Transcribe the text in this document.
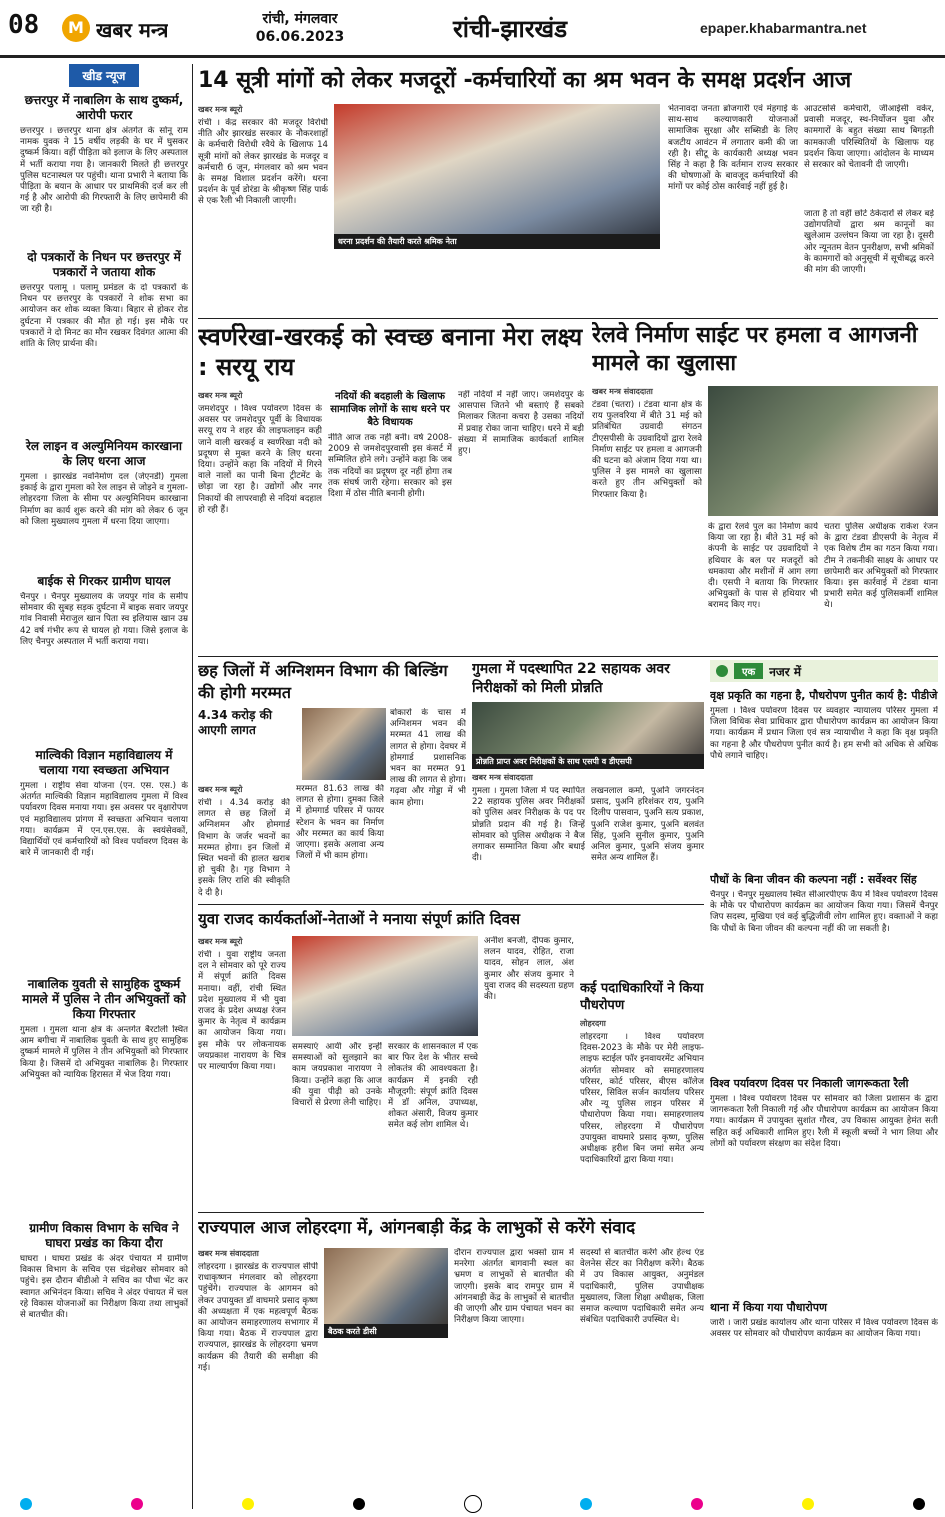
08	M खबर मन्त्र	रांची, मंगलवार
06.06.2023	रांची-झारखंड	epaper.khabarmantra.net
खीड न्यूज
छत्तरपुर में नाबालिग के साथ दुष्कर्म, आरोपी फरार
छत्तरपुर । छत्तरपुर थाना क्षेत्र अंतर्गत के सोनू राम नामक युवक ने 15 वर्षीय लड़की के घर में घुसकर दुष्कर्म किया। वहीं पीड़िता को इलाज के लिए अस्पताल में भर्ती कराया गया है। जानकारी मिलते ही छत्तरपुर पुलिस घटनास्थल पर पहुंची। थाना प्रभारी ने बताया कि पीड़िता के बयान के आधार पर प्राथमिकी दर्ज कर ली गई है और आरोपी की गिरफ्तारी के लिए छापेमारी की जा रही है।
दो पत्रकारों के निधन पर छत्तरपुर में पत्रकारों ने जताया शोक
छत्तरपुर पलामू । पलामू प्रमंडल के दो पत्रकारों के निधन पर छत्तरपुर के पत्रकारों ने शोक सभा का आयोजन कर शोक व्यक्त किया। बिहार से होकर रोड दुर्घटना में पत्रकार की मौत हो गई। इस मौके पर पत्रकारों ने दो मिनट का मौन रखकर दिवंगत आत्मा की शांति के लिए प्रार्थना की।
रेल लाइन व अल्युमिनियम कारखाना के लिए धरना आज
गुमला । झारखंड नवनिर्माण दल (जेएनडी) गुमला इकाई के द्वारा गुमला को रेल लाइन से जोड़ने व गुमला-लोहरदगा जिला के सीमा पर अल्युमिनियम कारखाना निर्माण का कार्य शुरू करने की मांग को लेकर 6 जून को जिला मुख्यालय गुमला में धरना दिया जाएगा।
बाईक से गिरकर ग्रामीण घायल
चैनपुर । चैनपुर मुख्यालय के जयपुर गांव के समीप सोमवार की सुबह सड़क दुर्घटना में बाइक सवार जयपुर गांव निवासी मेराजुल खान पिता स्व इलियास खान उम्र 42 वर्ष गंभीर रूप से घायल हो गया। जिसे इलाज के लिए चैनपुर अस्पताल में भर्ती कराया गया।
माल्विकी विज्ञान महाविद्यालय में चलाया गया स्वच्छता अभियान
गुमला । राष्ट्रीय सेवा योजना (एन. एस. एस.) के अंतर्गत माल्विकी विज्ञान महाविद्यालय गुमला में विश्व पर्यावरण दिवस मनाया गया। इस अवसर पर वृक्षारोपण एवं महाविद्यालय प्रांगण में स्वच्छता अभियान चलाया गया। कार्यक्रम में एन.एस.एस. के स्वयंसेवकों, विद्यार्थियों एवं कर्मचारियों को विश्व पर्यावरण दिवस के बारे में जानकारी दी गई।
नाबालिक युवती से सामुहिक दुष्कर्म मामले में पुलिस ने तीन अभियुक्तों को किया गिरफ्तार
गुमला । गुमला थाना क्षेत्र के अन्तर्गत बैरटोली स्थित आम बगीचा में नाबालिक युवती के साथ हुए सामुहिक दुष्कर्म मामले में पुलिस ने तीन अभियुक्तों को गिरफ्तार किया है। जिसमें दो अभियुक्त नाबालिक है। गिरफ्तार अभियुक्त को न्यायिक हिरासत में भेज दिया गया।
ग्रामीण विकास विभाग के सचिव ने घाघरा प्रखंड का किया दौरा
घाघरा । घाघरा प्रखंड के अंदर पंचायत में ग्रामीण विकास विभाग के सचिव एस चंद्रशेखर सोमवार को पहुंचे। इस दौरान बीडीओ ने सचिव का पौधा भेंट कर स्वागत अभिनंदन किया। सचिव ने अंदर पंचायत में चल रहे विकास योजनाओं का निरीक्षण किया तथा लाभुकों से बातचीत की।
14 सूत्री मांगों को लेकर मजदूरों -कर्मचारियों का श्रम भवन के समक्ष प्रदर्शन आज
खबर मन्त्र ब्यूरो
रांची । केंद्र सरकार की मजदूर विरोधी नीति और झारखंड सरकार के नौकरशाहों के कर्मचारी विरोधी रवैये के खिलाफ 14 सूत्री मांगों को लेकर झारखंड के मजदूर व कर्मचारी 6 जून, मंगलवार को श्रम भवन के समक्ष विशाल प्रदर्शन करेंगे। धरना प्रदर्शन के पूर्व डोरंडा के श्रीकृष्ण सिंह पार्क से एक रैली भी निकाली जाएगी।
धरना प्रदर्शन की तैयारी करते श्रमिक नेता
भेतनावदा जनता ब्रोजगारी एवं मंहगाई के साथ-साथ कल्याणकारी योजनाओं सामाजिक सुरक्षा और सब्सिडी के लिए बजटीय आवंटन में लगातार कमी की जा रही है। सीटू के कार्यकारी अध्यक्ष भवन सिंह ने कहा है कि वर्तमान राज्य सरकार की घोषणाओं के बावजूद कर्मचारियों की मांगों पर कोई ठोस कार्रवाई नहीं हुई है।
आउटसोर्स कर्मचारी, जीआईसी वर्कर, प्रवासी मजदूर, स्थ-निर्योजन युवा और कामगारों के बहुत संख्या साथ बिगड़ती कामकाजी परिस्थितियों के खिलाफ यह प्रदर्शन किया जाएगा। आंदोलन के माध्यम से सरकार को चेतावनी दी जाएगी।
जाता है तो वहीं छोटे ठेकेदारों से लेकर बड़े उद्योगपतियों द्वारा श्रम कानूनों का खुलेआम उल्लंघन किया जा रहा है। दूसरी ओर न्यूनतम वेतन पुनरीक्षण, सभी श्रमिकों के कामगारों को अनुसूची में सूचीबद्ध करने की मांग की जाएगी।
स्वर्णरेखा-खरकई को स्वच्छ बनाना मेरा लक्ष्य : सरयू राय
खबर मन्त्र ब्यूरो
जमशेदपुर । विश्व पर्यावरण दिवस के अवसर पर जमशेदपुर पूर्वी के विधायक सरयू राय ने शहर की लाइफलाइन कही जाने वाली खरकई व स्वर्णरेखा नदी को प्रदूषण से मुक्त करने के लिए धरना दिया। उन्होंने कहा कि नदियों में गिरने वाले नालों का पानी बिना ट्रीटमेंट के छोड़ा जा रहा है। उद्योगों और नगर निकायों की लापरवाही से नदियां बदहाल हो रही हैं।
नदियों की बदहाली के खिलाफ सामाजिक लोगों के साथ धरने पर बैठे विधायक
नीति आज तक नहीं बनी। वर्ष 2008-2009 से जमशेदपुरवासी इस कंसर्ट में सम्मिलित होने लगे। उन्होंने कहा कि जब तक नदियों का प्रदूषण दूर नहीं होगा तब तक संघर्ष जारी रहेगा। सरकार को इस दिशा में ठोस नीति बनानी होगी।
नहीं नदियों में नहीं जाए। जमशेदपुर के आसपास जितने भी बस्ताएं हैं सबको मिलाकर जितना कचरा है उसका नदियों में प्रवाह रोका जाना चाहिए। धरने में बड़ी संख्या में सामाजिक कार्यकर्ता शामिल हुए।
रेलवे निर्माण साईट पर हमला व आगजनी मामले का खुलासा
खबर मन्त्र संवाददाता
टंडवा (चतरा) । टंडवा थाना क्षेत्र के राय फुलवरिया में बीते 31 मई को प्रतिबंधित उग्रवादी संगठन टीएसपीसी के उग्रवादियों द्वारा रेलवे निर्माण साईट पर हमला व आगजनी की घटना को अंजाम दिया गया था। पुलिस ने इस मामले का खुलासा करते हुए तीन अभियुक्तों को गिरफ्तार किया है।
के द्वारा रेलवे पुल का निर्माण कार्य किया जा रहा है। बीते 31 मई को कंपनी के साईट पर उग्रवादियों ने हथियार के बल पर मजदूरों को धमकाया और मशीनों में आग लगा दी। एसपी ने बताया कि गिरफ्तार अभियुक्तों के पास से हथियार भी बरामद किए गए।
चतरा पुलिस अधीक्षक राकेश रंजन के द्वारा टंडवा डीएसपी के नेतृत्व में एक विशेष टीम का गठन किया गया। टीम ने तकनीकी साक्ष्य के आधार पर छापेमारी कर अभियुक्तों को गिरफ्तार किया। इस कार्रवाई में टंडवा थाना प्रभारी समेत कई पुलिसकर्मी शामिल थे।
छह जिलों में अग्निशमन विभाग की बिल्डिंग की होगी मरम्मत
4.34 करोड़ की आएगी लागत
खबर मन्त्र ब्यूरो
रांची । 4.34 करोड़ की लागत से छह जिलों में अग्निशमन और होमगार्ड विभाग के जर्जर भवनों का मरम्मत होगा। इन जिलों में स्थित भवनों की हालत खराब हो चुकी है। गृह विभाग ने इसके लिए राशि की स्वीकृति दे दी है।
मरम्मत 81.63 लाख की लागत से होगा। दुमका जिले में होमगार्ड परिसर में फायर स्टेशन के भवन का निर्माण और मरम्मत का कार्य किया जाएगा। इसके अलावा अन्य जिलों में भी काम होगा।
बोकारो के चास में अग्निशमन भवन की मरम्मत 41 लाख की लागत से होगा। देवघर में होमगार्ड प्रशासनिक भवन का मरम्मत 91 लाख की लागत से होगा। गढ़वा और गोड्डा में भी काम होगा।
गुमला में पदस्थापित 22 सहायक अवर निरीक्षकों को मिली प्रोन्नति
प्रोन्नति प्राप्त अवर निरीक्षकों के साथ एसपी व डीएसपी
खबर मन्त्र संवाददाता
गुमला । गुमला जिला में पद स्थापित 22 सहायक पुलिस अवर निरीक्षकों को पुलिस अवर निरीक्षक के पद पर प्रोन्नति प्रदान की गई है। जिन्हें सोमवार को पुलिस अधीक्षक ने बैज लगाकर सम्मानित किया और बधाई दी।
लखनलाल कर्मा, पुअनि जगरनंदन प्रसाद, पुअनि हरिशंकर राय, पुअनि दिलीप पासवान, पुअनि सत्य प्रकाश, पुअनि राजेश कुमार, पुअनि बलवंत सिंह, पुअनि सुनील कुमार, पुअनि अनिल कुमार, पुअनि संजय कुमार समेत अन्य शामिल हैं।
एक	नजर में
वृक्ष प्रकृति का गहना है, पौधरोपण पुनीत कार्य है: पीडीजे
गुमला । विश्व पर्यावरण दिवस पर व्यवहार न्यायालय परिसर गुमला में जिला विधिक सेवा प्राधिकार द्वारा पौधारोपण कार्यक्रम का आयोजन किया गया। कार्यक्रम में प्रधान जिला एवं सत्र न्यायाधीश ने कहा कि वृक्ष प्रकृति का गहना है और पौधरोपण पुनीत कार्य है। हम सभी को अधिक से अधिक पौधे लगाने चाहिए।
पौधों के बिना जीवन की कल्पना नहीं : सर्वेश्वर सिंह
चैनपुर । चैनपुर मुख्यालय स्थित सीआरपीएफ कैंप में विश्व पर्यावरण दिवस के मौके पर पौधारोपण कार्यक्रम का आयोजन किया गया। जिसमें चैनपुर जिप सदस्य, मुखिया एवं कई बुद्धिजीवी लोग शामिल हुए। वक्ताओं ने कहा कि पौधों के बिना जीवन की कल्पना नहीं की जा सकती है।
विश्व पर्यावरण दिवस पर निकाली जागरूकता रैली
गुमला । विश्व पर्यावरण दिवस पर सोमवार को जिला प्रशासन के द्वारा जागरूकता रैली निकाली गई और पौधारोपण कार्यक्रम का आयोजन किया गया। कार्यक्रम में उपायुक्त सुशांत गौरव, उप विकास आयुक्त हेमंत सती सहित कई अधिकारी शामिल हुए। रैली में स्कूली बच्चों ने भाग लिया और लोगों को पर्यावरण संरक्षण का संदेश दिया।
थाना में किया गया पौधारोपण
जारी । जारी प्रखंड कार्यालय और थाना परिसर में विश्व पर्यावरण दिवस के अवसर पर सोमवार को पौधारोपण कार्यक्रम का आयोजन किया गया।
युवा राजद कार्यकर्ताओं-नेताओं ने मनाया संपूर्ण क्रांति दिवस
खबर मन्त्र ब्यूरो
रांची । युवा राष्ट्रीय जनता दल ने सोमवार को पूरे राज्य में संपूर्ण क्रांति दिवस मनाया। वहीं, रांची स्थित प्रदेश मुख्यालय में भी युवा राजद के प्रदेश अध्यक्ष रंजन कुमार के नेतृत्व में कार्यक्रम का आयोजन किया गया। इस मौके पर लोकनायक जयप्रकाश नारायण के चित्र पर माल्यार्पण किया गया।
समस्याएं आयी और इन्हीं समस्याओं को सुलझाने का काम जयप्रकाश नारायण ने किया। उन्होंने कहा कि आज की युवा पीढ़ी को उनके विचारों से प्रेरणा लेनी चाहिए।
सरकार के शासनकाल में एक बार फिर देश के भीतर सच्चे लोकतंत्र की आवश्यकता है। कार्यक्रम में इनकी रही मौजूदगी: संपूर्ण क्रांति दिवस में डॉ अनिल, उपाध्यक्ष, शोकत अंसारी, विजय कुमार समेत कई लोग शामिल थे।
अनीश बनर्जी, दीपक कुमार, ललन यादव, रोहित, राजा यादव, सोहन लाल, अंश कुमार और संजय कुमार ने युवा राजद की सदस्यता ग्रहण की।
कई पदाधिकारियों ने किया पौधरोपण
लोहरदगा
लोहरदगा । विश्व पर्यावरण दिवस-2023 के मौके पर मेरी लाइफ-लाइफ स्टाईल फॉर इनवायरमेंट अभियान अंतर्गत सोमवार को समाहरणालय परिसर, कोर्ट परिसर, बीएस कॉलेज परिसर, सिविल सर्जन कार्यालय परिसर और न्यू पुलिस लाइन परिसर में पौधारोपण किया गया। समाहरणालय परिसर, लोहरदगा में पौधारोपण उपायुक्त वाघमारे प्रसाद कृष्ण, पुलिस अधीक्षक हरीश बिन जमां समेत अन्य पदाधिकारियों द्वारा किया गया।
राज्यपाल आज लोहरदगा में, आंगनबाड़ी केंद्र के लाभुकों से करेंगे संवाद
खबर मन्त्र संवाददाता
लोहरदगा । झारखंड के राज्यपाल सीपी राधाकृष्णन मंगलवार को लोहरदगा पहुंचेंगे। राज्यपाल के आगमन को लेकर उपायुक्त डॉ वाघमारे प्रसाद कृष्ण की अध्यक्षता में एक महत्वपूर्ण बैठक का आयोजन समाहरणालय सभागार में किया गया। बैठक में राज्यपाल द्वारा राज्यपाल, झारखंड के लोहरदगा भ्रमण कार्यक्रम की तैयारी की समीक्षा की गई।
बैठक करते डीसी
दौरान राज्यपाल द्वारा भक्सो ग्राम में मनरेगा अंतर्गत बागवानी स्थल का भ्रमण व लाभुकों से बातचीत की जाएगी। इसके बाद रामपुर ग्राम में आंगनबाड़ी केंद्र के लाभुकों से बातचीत की जाएगी और ग्राम पंचायत भवन का निरीक्षण किया जाएगा।
सदस्यों से बातचीत करेंगे और हेल्थ एंड वेलनेस सेंटर का निरीक्षण करेंगे। बैठक में उप विकास आयुक्त, अनुमंडल पदाधिकारी, पुलिस उपाधीक्षक मुख्यालय, जिला शिक्षा अधीक्षक, जिला समाज कल्याण पदाधिकारी समेत अन्य संबंधित पदाधिकारी उपस्थित थे।
